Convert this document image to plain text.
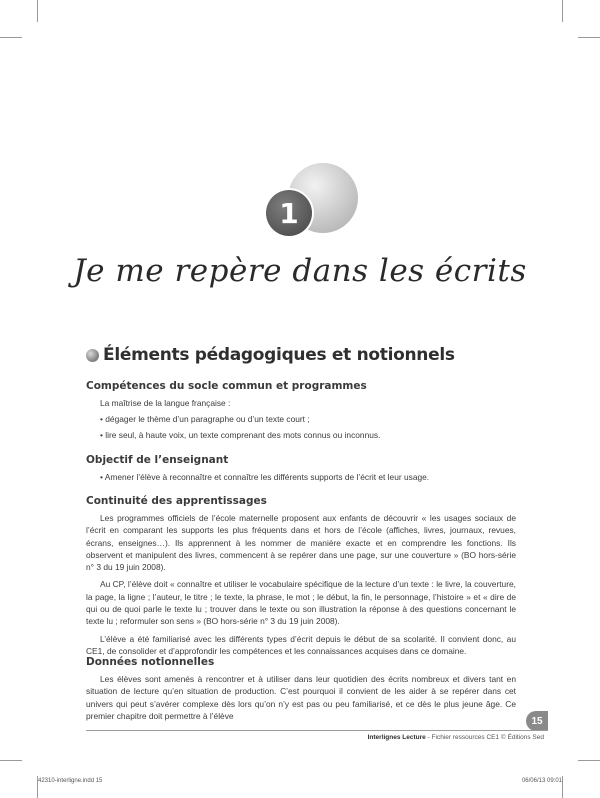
1
Je me repère dans les écrits
Éléments pédagogiques et notionnels
Compétences du socle commun et programmes
La maîtrise de la langue française :
• dégager le thème d’un paragraphe ou d’un texte court ;
• lire seul, à haute voix, un texte comprenant des mots connus ou inconnus.
Objectif de l’enseignant
• Amener l’élève à reconnaître et connaître les différents supports de l’écrit et leur usage.
Continuité des apprentissages

Les programmes officiels de l’école maternelle proposent aux enfants de découvrir « les usages sociaux de l’écrit en comparant les supports les plus fréquents dans et hors de l’école (affiches, livres, journaux, revues, écrans, enseignes…). Ils apprennent à les nommer de manière exacte et en comprendre les fonctions. Ils observent et manipulent des livres, commencent à se repérer dans une page, sur une couverture » (BO hors-série n° 3 du 19 juin 2008).

Au CP, l’élève doit « connaître et utiliser le vocabulaire spécifique de la lecture d’un texte : le livre, la couverture, la page, la ligne ; l’auteur, le titre ; le texte, la phrase, le mot ; le début, la fin, le personnage, l’histoire » et « dire de qui ou de quoi parle le texte lu ; trouver dans le texte ou son illustration la réponse à des questions concernant le texte lu ; reformuler son sens » (BO hors-série n° 3 du 19 juin 2008).

L’élève a été familiarisé avec les différents types d’écrit depuis le début de sa scolarité. Il convient donc, au CE1, de consolider et d’approfondir les compétences et les connaissances acquises dans ce domaine.

Données notionnelles

Les élèves sont amenés à rencontrer et à utiliser dans leur quotidien des écrits nombreux et divers tant en situation de lecture qu’en situation de production. C’est pourquoi il convient de les aider à se repérer dans cet univers qui peut s’avérer complexe dès lors qu’on n’y est pas ou peu familiarisé, et ce dès le plus jeune âge. Ce premier chapitre doit permettre à l’élève	15
Interlignes Lecture - Fichier ressources CE1 © Éditions Sed
42310-interligne.indd 15	06/06/13 09:01
